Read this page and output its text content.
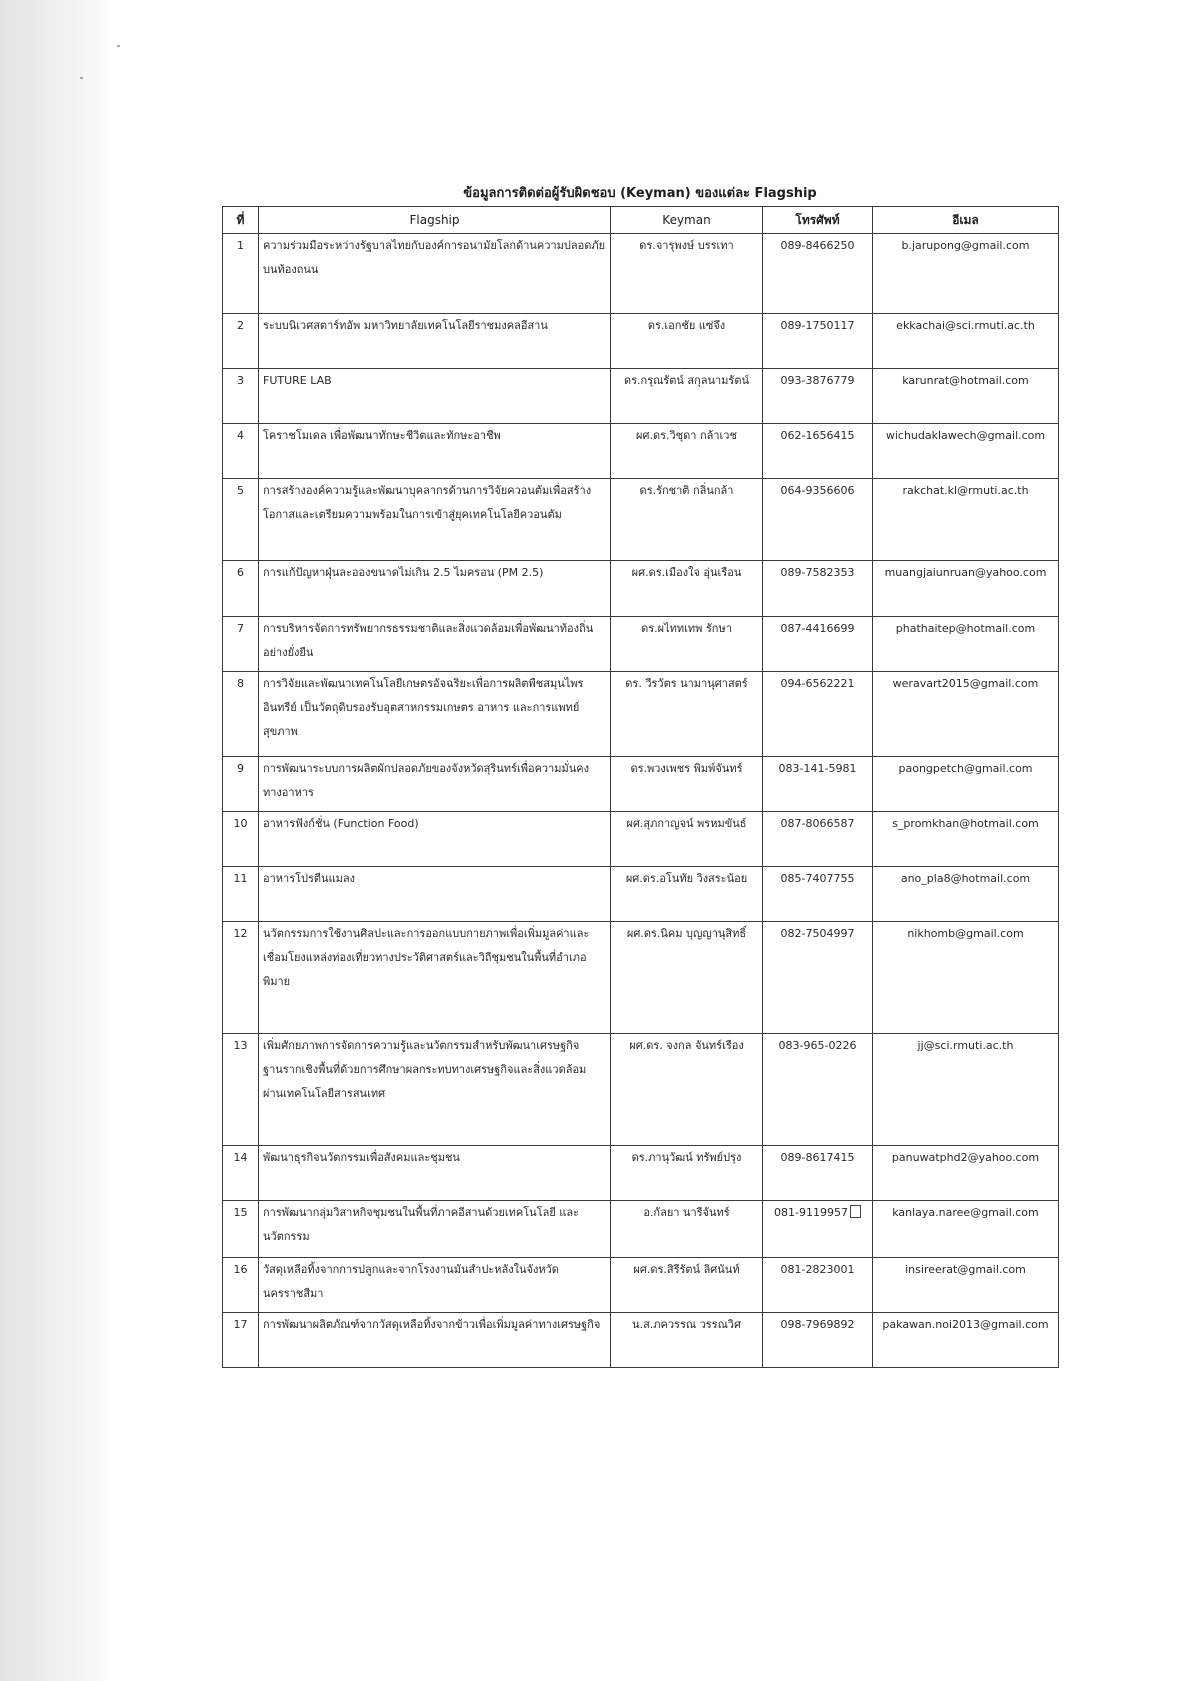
ข้อมูลการติดต่อผู้รับผิดชอบ (Keyman) ของแต่ละ Flagship
ที่	Flagship	Keyman	โทรศัพท์	อีเมล
1	ความร่วมมือระหว่างรัฐบาลไทยกับองค์การอนามัยโลกด้านความปลอดภัยบนท้องถนน	ดร.จารุพงษ์ บรรเทา	089-8466250	b.jarupong@gmail.com
2	ระบบนิเวศสตาร์ทอัพ มหาวิทยาลัยเทคโนโลยีราชมงคลอีสาน	ดร.เอกชัย แซ่จึง	089-1750117	ekkachai@sci.rmuti.ac.th
3	FUTURE LAB	ดร.กรุณรัตน์ สกุลนามรัตน์	093-3876779	karunrat@hotmail.com
4	โคราชโมเดล เพื่อพัฒนาทักษะชีวิตและทักษะอาชีพ	ผศ.ดร.วิชุดา กล้าเวช	062-1656415	wichudaklawech@gmail.com
5	การสร้างองค์ความรู้และพัฒนาบุคลากรด้านการวิจัยควอนตัมเพื่อสร้างโอกาสและเตรียมความพร้อมในการเข้าสู่ยุคเทคโนโลยีควอนตัม	ดร.รักชาติ กลิ่นกล้า	064-9356606	rakchat.kl@rmuti.ac.th
6	การแก้ปัญหาฝุ่นละอองขนาดไม่เกิน 2.5 ไมครอน (PM 2.5)	ผศ.ดร.เมืองใจ อุ่นเรือน	089-7582353	muangjaiunruan@yahoo.com
7	การบริหารจัดการทรัพยากรธรรมชาติและสิ่งแวดล้อมเพื่อพัฒนาท้องถิ่นอย่างยั่งยืน	ดร.ผไททเทพ รักษา	087-4416699	phathaitep@hotmail.com
8	การวิจัยและพัฒนาเทคโนโลยีเกษตรอัจฉริยะเพื่อการผลิตพืชสมุนไพรอินทรีย์ เป็นวัตถุดิบรองรับอุตสาหกรรมเกษตร อาหาร และการแพทย์สุขภาพ	ดร. วีรวัตร นามานุศาสตร์	094-6562221	weravart2015@gmail.com
9	การพัฒนาระบบการผลิตผักปลอดภัยของจังหวัดสุรินทร์เพื่อความมั่นคงทางอาหาร	ดร.พวงเพชร พิมพ์จันทร์	083-141-5981	paongpetch@gmail.com
10	อาหารฟังก์ชั่น (Function Food)	ผศ.สุภกาญจน์ พรหมขันธ์	087-8066587	s_promkhan@hotmail.com
11	อาหารโปรตีนแมลง	ผศ.ดร.อโนทัย วิงสระน้อย	085-7407755	ano_pla8@hotmail.com
12	นวัตกรรมการใช้งานศิลปะและการออกแบบกายภาพเพื่อเพิ่มมูลค่าและเชื่อมโยงแหล่งท่องเที่ยวทางประวัติศาสตร์และวิถีชุมชนในพื้นที่อำเภอพิมาย	ผศ.ดร.นิคม บุญญานุสิทธิ์	082-7504997	nikhomb@gmail.com
13	เพิ่มศักยภาพการจัดการความรู้และนวัตกรรมสำหรับพัฒนาเศรษฐกิจฐานรากเชิงพื้นที่ด้วยการศึกษาผลกระทบทางเศรษฐกิจและสิ่งแวดล้อมผ่านเทคโนโลยีสารสนเทศ	ผศ.ดร. จงกล จันทร์เรือง	083-965-0226	jj@sci.rmuti.ac.th
14	พัฒนาธุรกิจนวัตกรรมเพื่อสังคมและชุมชน	ดร.ภานุวัฒน์ ทรัพย์ปรุง	089-8617415	panuwatphd2@yahoo.com
15	การพัฒนากลุ่มวิสาหกิจชุมชนในพื้นที่ภาคอีสานด้วยเทคโนโลยี และนวัตกรรม	อ.กัลยา นารีจันทร์	081-9119957	kanlaya.naree@gmail.com
16	วัสดุเหลือทิ้งจากการปลูกและจากโรงงานมันสำปะหลังในจังหวัดนครราชสีมา	ผศ.ดร.สิรีรัตน์ ลิศนันท์	081-2823001	insireerat@gmail.com
17	การพัฒนาผลิตภัณฑ์จากวัสดุเหลือทิ้งจากข้าวเพื่อเพิ่มมูลค่าทางเศรษฐกิจ	น.ส.ภควรรณ วรรณวิศ	098-7969892	pakawan.noi2013@gmail.com
